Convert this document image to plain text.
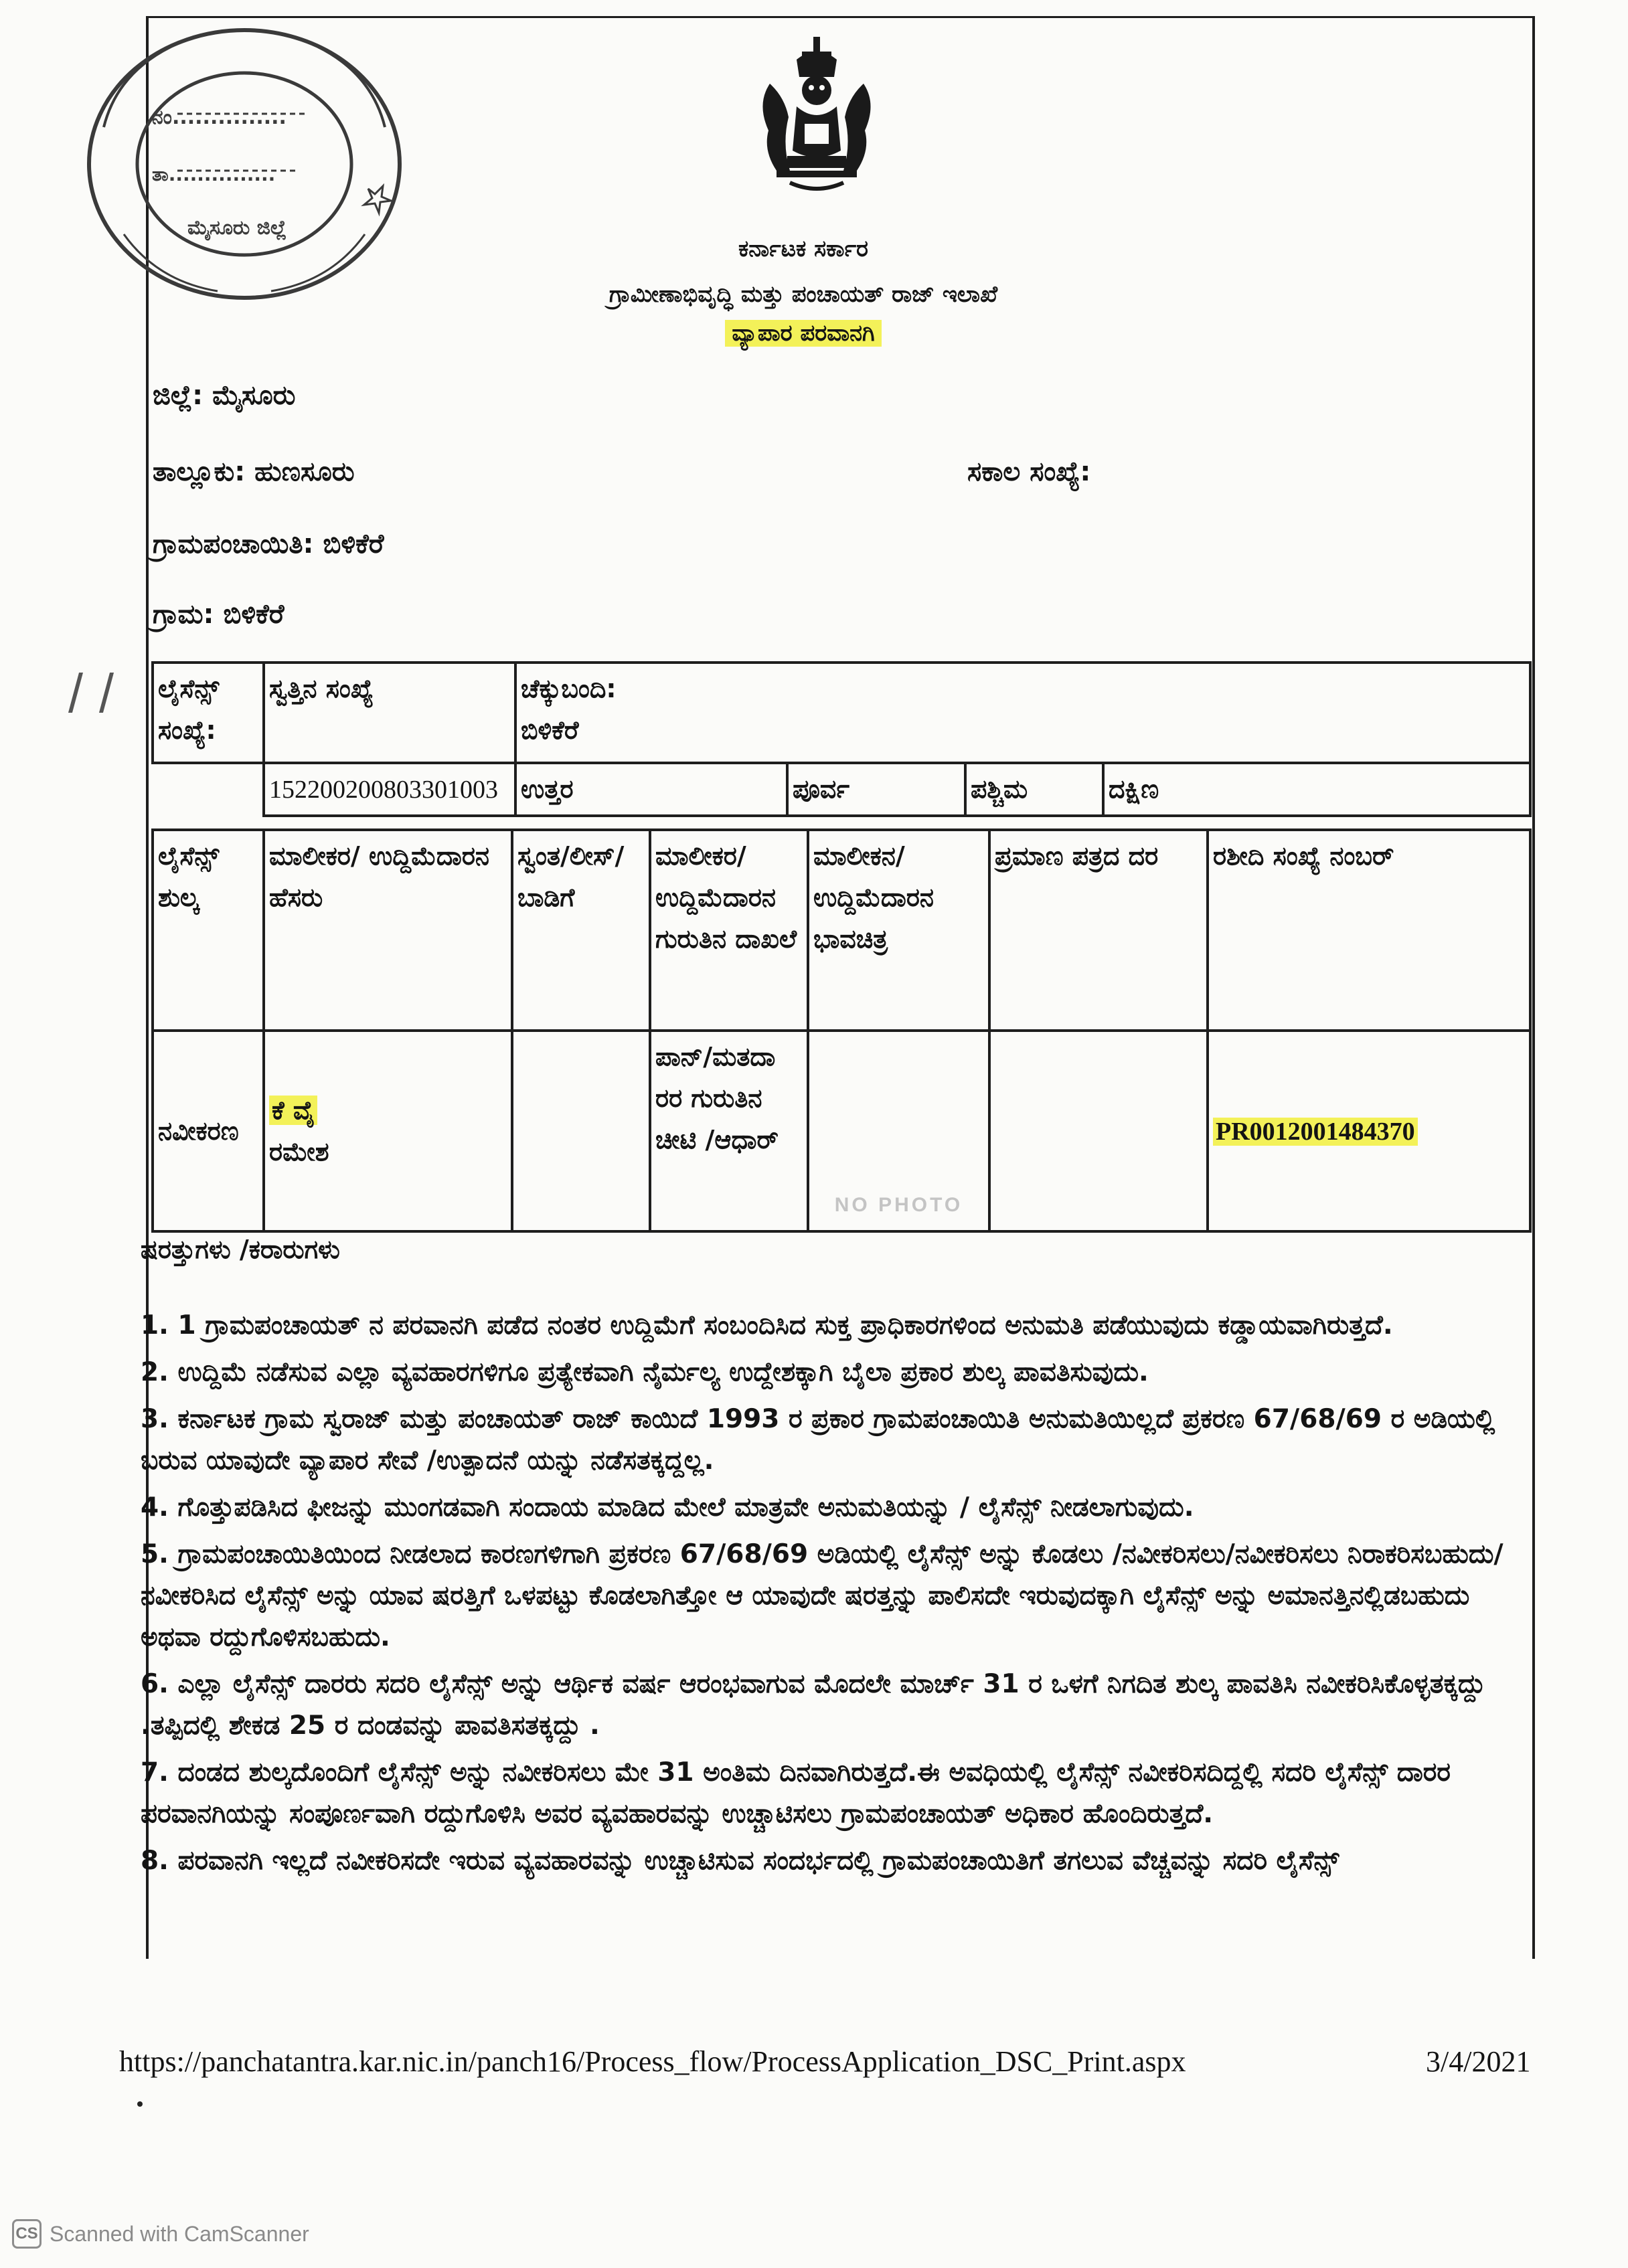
ನಂ...............
ತಾ...............
ಮೈಸೂರು ಜಿಲ್ಲೆ
ಕರ್ನಾಟಕ ಸರ್ಕಾರ
ಗ್ರಾಮೀಣಾಭಿವೃದ್ಧಿ ಮತ್ತು ಪಂಚಾಯತ್ ರಾಜ್ ಇಲಾಖೆ
ವ್ಯಾಪಾರ ಪರವಾನಗಿ
ಜಿಲ್ಲೆ: ಮೈಸೂರು
ತಾಲ್ಲೂಕು: ಹುಣಸೂರು	ಸಕಾಲ ಸಂಖ್ಯೆ:
ಗ್ರಾಮಪಂಚಾಯಿತಿ: ಬಿಳಿಕೆರೆ
ಗ್ರಾಮ: ಬಿಳಿಕೆರೆ
ಲೈಸೆನ್ಸ್ ಸಂಖ್ಯೆ:	ಸ್ವತ್ತಿನ ಸಂಖ್ಯೆ	ಚೆಕ್ಕುಬಂದಿ:
ಬಿಳಿಕೆರೆ			

	152200200803301003	ಉತ್ತರ	ಪೂರ್ವ	ಪಶ್ಚಿಮ	ದಕ್ಷಿಣ
ಲೈಸೆನ್ಸ್ ಶುಲ್ಕ	ಮಾಲೀಕರ/ ಉದ್ದಿಮೆದಾರನ ಹೆಸರು	ಸ್ವಂತ/ಲೀಸ್/ ಬಾಡಿಗೆ	ಮಾಲೀಕರ/ ಉದ್ದಿಮೆದಾರನ ಗುರುತಿನ ದಾಖಲೆ	ಮಾಲೀಕನ/ ಉದ್ದಿಮೆದಾರನ ಭಾವಚಿತ್ರ	ಪ್ರಮಾಣ ಪತ್ರದ ದರ	ರಶೀದಿ ಸಂಖ್ಯೆ ನಂಬರ್
ನವೀಕರಣ	ಕೆ ವೈ
ರಮೇಶ		ಪಾನ್/ಮತದಾ ರರ ಗುರುತಿನ ಚೀಟಿ /ಆಧಾರ್	NO PHOTO		PR0012001484370
ಷರತ್ತುಗಳು /ಕರಾರುಗಳು

1. 1 ಗ್ರಾಮಪಂಚಾಯತ್ ನ ಪರವಾನಗಿ ಪಡೆದ ನಂತರ ಉದ್ದಿಮೆಗೆ ಸಂಬಂದಿಸಿದ ಸುಕ್ತ ಪ್ರಾಧಿಕಾರಗಳಿಂದ ಅನುಮತಿ ಪಡೆಯುವುದು ಕಡ್ಡಾಯವಾಗಿರುತ್ತದೆ.

2. ಉದ್ದಿಮೆ ನಡೆಸುವ ಎಲ್ಲಾ ವ್ಯವಹಾರಗಳಿಗೂ ಪ್ರತ್ಯೇಕವಾಗಿ ನೈರ್ಮಲ್ಯ ಉದ್ದೇಶಕ್ಕಾಗಿ ಬೈಲಾ ಪ್ರಕಾರ ಶುಲ್ಕ ಪಾವತಿಸುವುದು.

3. ಕರ್ನಾಟಕ ಗ್ರಾಮ ಸ್ವರಾಜ್ ಮತ್ತು ಪಂಚಾಯತ್ ರಾಜ್ ಕಾಯಿದೆ 1993 ರ ಪ್ರಕಾರ ಗ್ರಾಮಪಂಚಾಯಿತಿ ಅನುಮತಿಯಿಲ್ಲದೆ ಪ್ರಕರಣ 67/68/69 ರ ಅಡಿಯಲ್ಲಿ ಬರುವ ಯಾವುದೇ ವ್ಯಾಪಾರ ಸೇವೆ /ಉತ್ಪಾದನೆ ಯನ್ನು ನಡೆಸತಕ್ಕದ್ದಲ್ಲ.

4. ಗೊತ್ತುಪಡಿಸಿದ ಫೀಜನ್ನು ಮುಂಗಡವಾಗಿ ಸಂದಾಯ ಮಾಡಿದ ಮೇಲೆ ಮಾತ್ರವೇ ಅನುಮತಿಯನ್ನು / ಲೈಸೆನ್ಸ್ ನೀಡಲಾಗುವುದು.

5. ಗ್ರಾಮಪಂಚಾಯಿತಿಯಿಂದ ನೀಡಲಾದ ಕಾರಣಗಳಿಗಾಗಿ ಪ್ರಕರಣ 67/68/69 ಅಡಿಯಲ್ಲಿ ಲೈಸೆನ್ಸ್ ಅನ್ನು ಕೊಡಲು /ನವೀಕರಿಸಲು/ನವೀಕರಿಸಲು ನಿರಾಕರಿಸಬಹುದು/ನವೀಕರಿಸಿದ ಲೈಸೆನ್ಸ್ ಅನ್ನು ಯಾವ ಷರತ್ತಿಗೆ ಒಳಪಟ್ಟು ಕೊಡಲಾಗಿತ್ತೋ ಆ ಯಾವುದೇ ಷರತ್ತನ್ನು ಪಾಲಿಸದೇ ಇರುವುದಕ್ಕಾಗಿ ಲೈಸೆನ್ಸ್ ಅನ್ನು ಅಮಾನತ್ತಿನಲ್ಲಿಡಬಹುದು ಅಥವಾ ರದ್ದುಗೊಳಿಸಬಹುದು.

6. ಎಲ್ಲಾ ಲೈಸೆನ್ಸ್ ದಾರರು ಸದರಿ ಲೈಸೆನ್ಸ್ ಅನ್ನು ಆರ್ಥಿಕ ವರ್ಷ ಆರಂಭವಾಗುವ ಮೊದಲೇ ಮಾರ್ಚ್ 31 ರ ಒಳಗೆ ನಿಗದಿತ ಶುಲ್ಕ ಪಾವತಿಸಿ ನವೀಕರಿಸಿಕೊಳ್ಳತಕ್ಕದ್ದು .ತಪ್ಪಿದಲ್ಲಿ ಶೇಕಡ 25 ರ ದಂಡವನ್ನು ಪಾವತಿಸತಕ್ಕದ್ದು .

7. ದಂಡದ ಶುಲ್ಕದೊಂದಿಗೆ ಲೈಸೆನ್ಸ್ ಅನ್ನು ನವೀಕರಿಸಲು ಮೇ 31 ಅಂತಿಮ ದಿನವಾಗಿರುತ್ತದೆ.ಈ ಅವಧಿಯಲ್ಲಿ ಲೈಸೆನ್ಸ್ ನವೀಕರಿಸದಿದ್ದಲ್ಲಿ ಸದರಿ ಲೈಸೆನ್ಸ್ ದಾರರ ಪರವಾನಗಿಯನ್ನು ಸಂಪೂರ್ಣವಾಗಿ ರದ್ದುಗೊಳಿಸಿ ಅವರ ವ್ಯವಹಾರವನ್ನು ಉಚ್ಚಾಟಿಸಲು ಗ್ರಾಮಪಂಚಾಯತ್ ಅಧಿಕಾರ ಹೊಂದಿರುತ್ತದೆ.

8. ಪರವಾನಗಿ ಇಲ್ಲದೆ ನವೀಕರಿಸದೇ ಇರುವ ವ್ಯವಹಾರವನ್ನು ಉಚ್ಚಾಟಿಸುವ ಸಂದರ್ಭದಲ್ಲಿ ಗ್ರಾಮಪಂಚಾಯಿತಿಗೆ ತಗಲುವ ವೆಚ್ಚವನ್ನು ಸದರಿ ಲೈಸೆನ್ಸ್

https://panchatantra.kar.nic.in/panch16/Process_flow/ProcessApplication_DSC_Print.aspx	3/4/2021
CS Scanned with CamScanner
